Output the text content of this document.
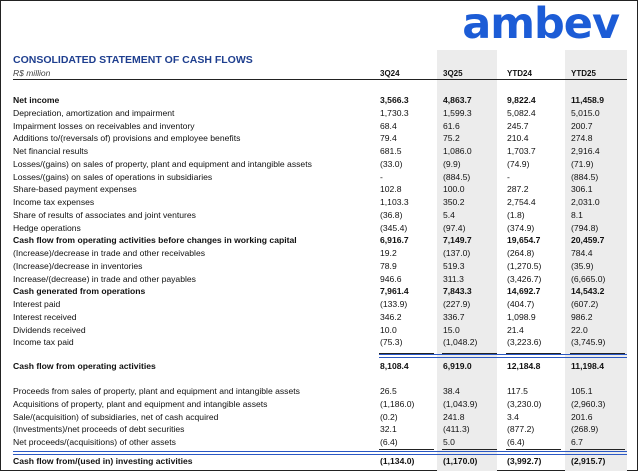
ambev
CONSOLIDATED STATEMENT OF CASH FLOWS
R$ million	3Q24	3Q25	YTD24	YTD25
Net income	3,566.3	4,863.7	9,822.4	11,458.9
Depreciation, amortization and impairment	1,730.3	1,599.3	5,082.4	5,015.0
Impairment losses on receivables and inventory	68.4	61.6	245.7	200.7
Additions to/(reversals of) provisions and employee benefits	79.4	75.2	210.4	274.8
Net financial results	681.5	1,086.0	1,703.7	2,916.4
Losses/(gains) on sales of property, plant and equipment and intangible assets	(33.0)	(9.9)	(74.9)	(71.9)
Losses/(gains) on sales of operations in subsidiaries	-	(884.5)	-	(884.5)
Share-based payment expenses	102.8	100.0	287.2	306.1
Income tax expenses	1,103.3	350.2	2,754.4	2,031.0
Share of results of associates and joint ventures	(36.8)	5.4	(1.8)	8.1
Hedge operations	(345.4)	(97.4)	(374.9)	(794.8)
Cash flow from operating activities before changes in working capital	6,916.7	7,149.7	19,654.7	20,459.7
(Increase)/decrease in trade and other receivables	19.2	(137.0)	(264.8)	784.4
(Increase)/decrease in inventories	78.9	519.3	(1,270.5)	(35.9)
Increase/(decrease) in trade and other payables	946.6	311.3	(3,426.7)	(6,665.0)
Cash generated from operations	7,961.4	7,843.3	14,692.7	14,543.2
Interest paid	(133.9)	(227.9)	(404.7)	(607.2)
Interest received	346.2	336.7	1,098.9	986.2
Dividends received	10.0	15.0	21.4	22.0
Income tax paid	(75.3)	(1,048.2)	(3,223.6)	(3,745.9)
Cash flow from operating activities	8,108.4	6,919.0	12,184.8	11,198.4
Proceeds from sales of property, plant and equipment and intangible assets	26.5	38.4	117.5	105.1
Acquisitions of property, plant and equipment and intangible assets	(1,186.0)	(1,043.9)	(3,230.0)	(2,960.3)
Sale/(acquisition) of subsidiaries, net of cash acquired	(0.2)	241.8	3.4	201.6
(Investments)/net proceeds of debt securities	32.1	(411.3)	(877.2)	(268.9)
Net proceeds/(acquisitions) of other assets	(6.4)	5.0	(6.4)	6.7
Cash flow from/(used in) investing activities	(1,134.0)	(1,170.0)	(3,992.7)	(2,915.7)
